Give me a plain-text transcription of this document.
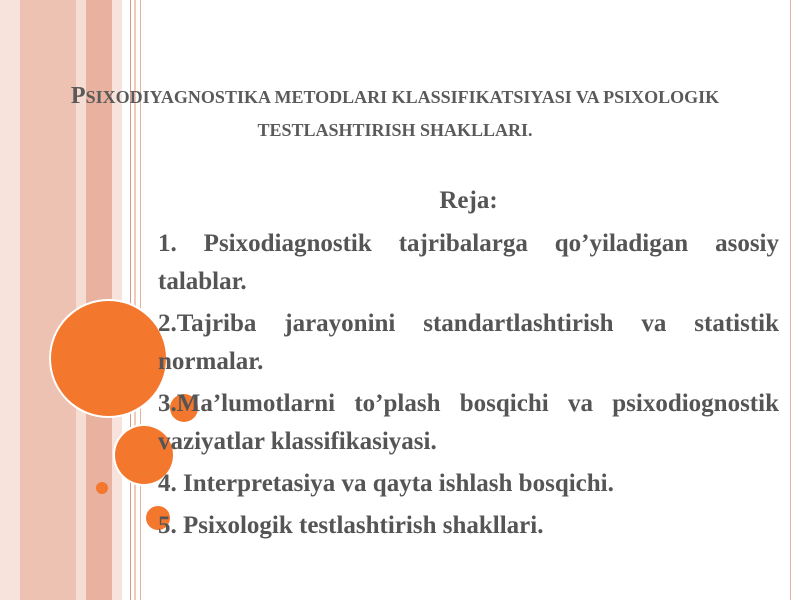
PSIXODIYAGNOSTIKA METODLARI KLASSIFIKATSIYASI VA PSIXOLOGIK TESTLASHTIRISH SHAKLLARI.
Reja:
1. Psixodiagnostik tajribalarga qo’yiladigan asosiy talablar.
2.Tajriba jarayonini standartlashtirish va statistik normalar.
3.Ma’lumotlarni to’plash bosqichi va psixodiognostik vaziyatlar klassifikasiyasi.
4. Interpretasiya va qayta ishlash bosqichi.
5. Psixologik testlashtirish shakllari.
